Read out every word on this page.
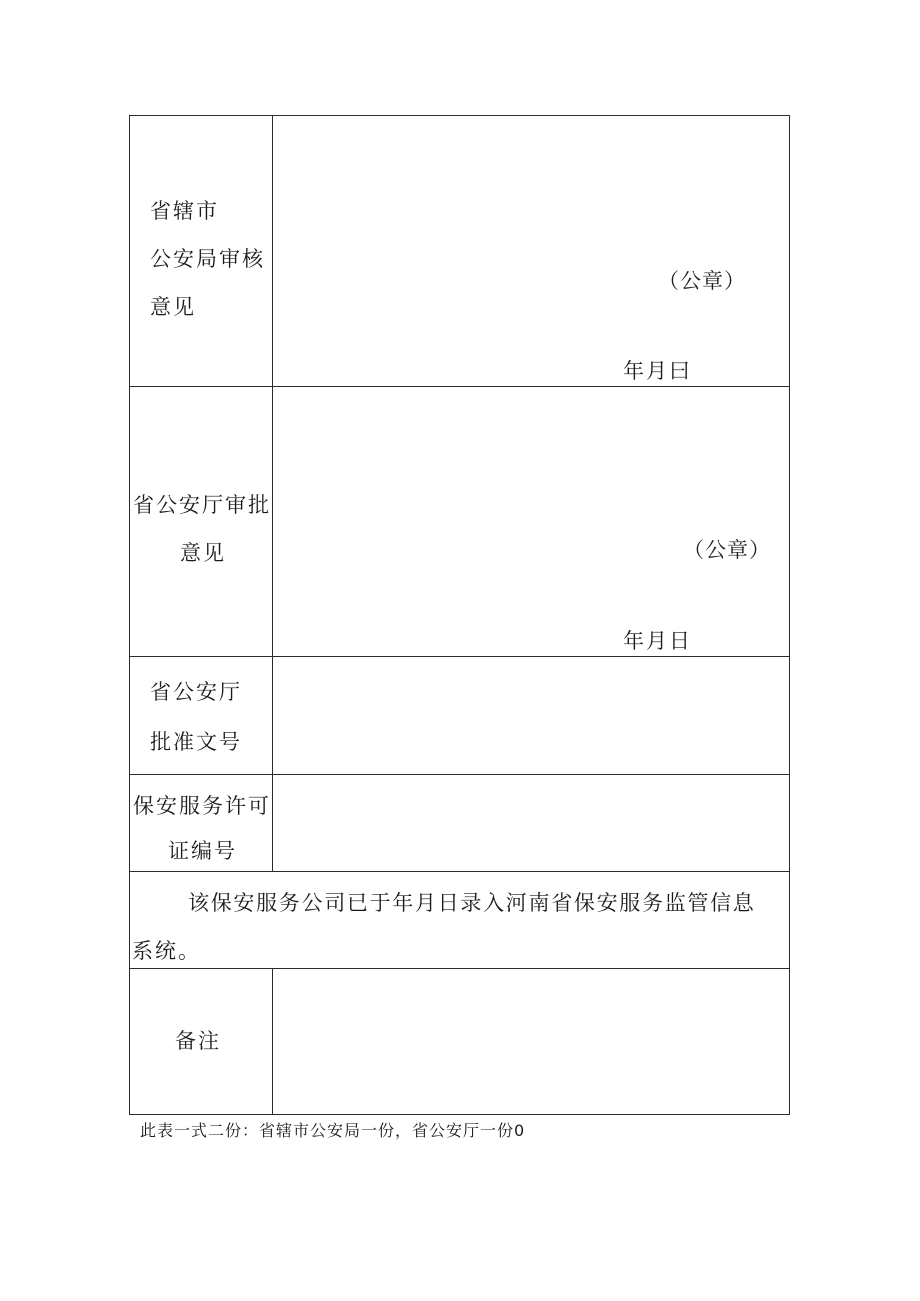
省辖市
公安局审核
意见
（公章）
年月曰
省公安厅审批
意见	（公章）
年月日
省公安厅
批准文号
保安服务许可
证编号
该保安服务公司已于年月日录入河南省保安服务监管信息
系统。
备注
此表一式二份：省辖市公安局一份，省公安厅一份0
